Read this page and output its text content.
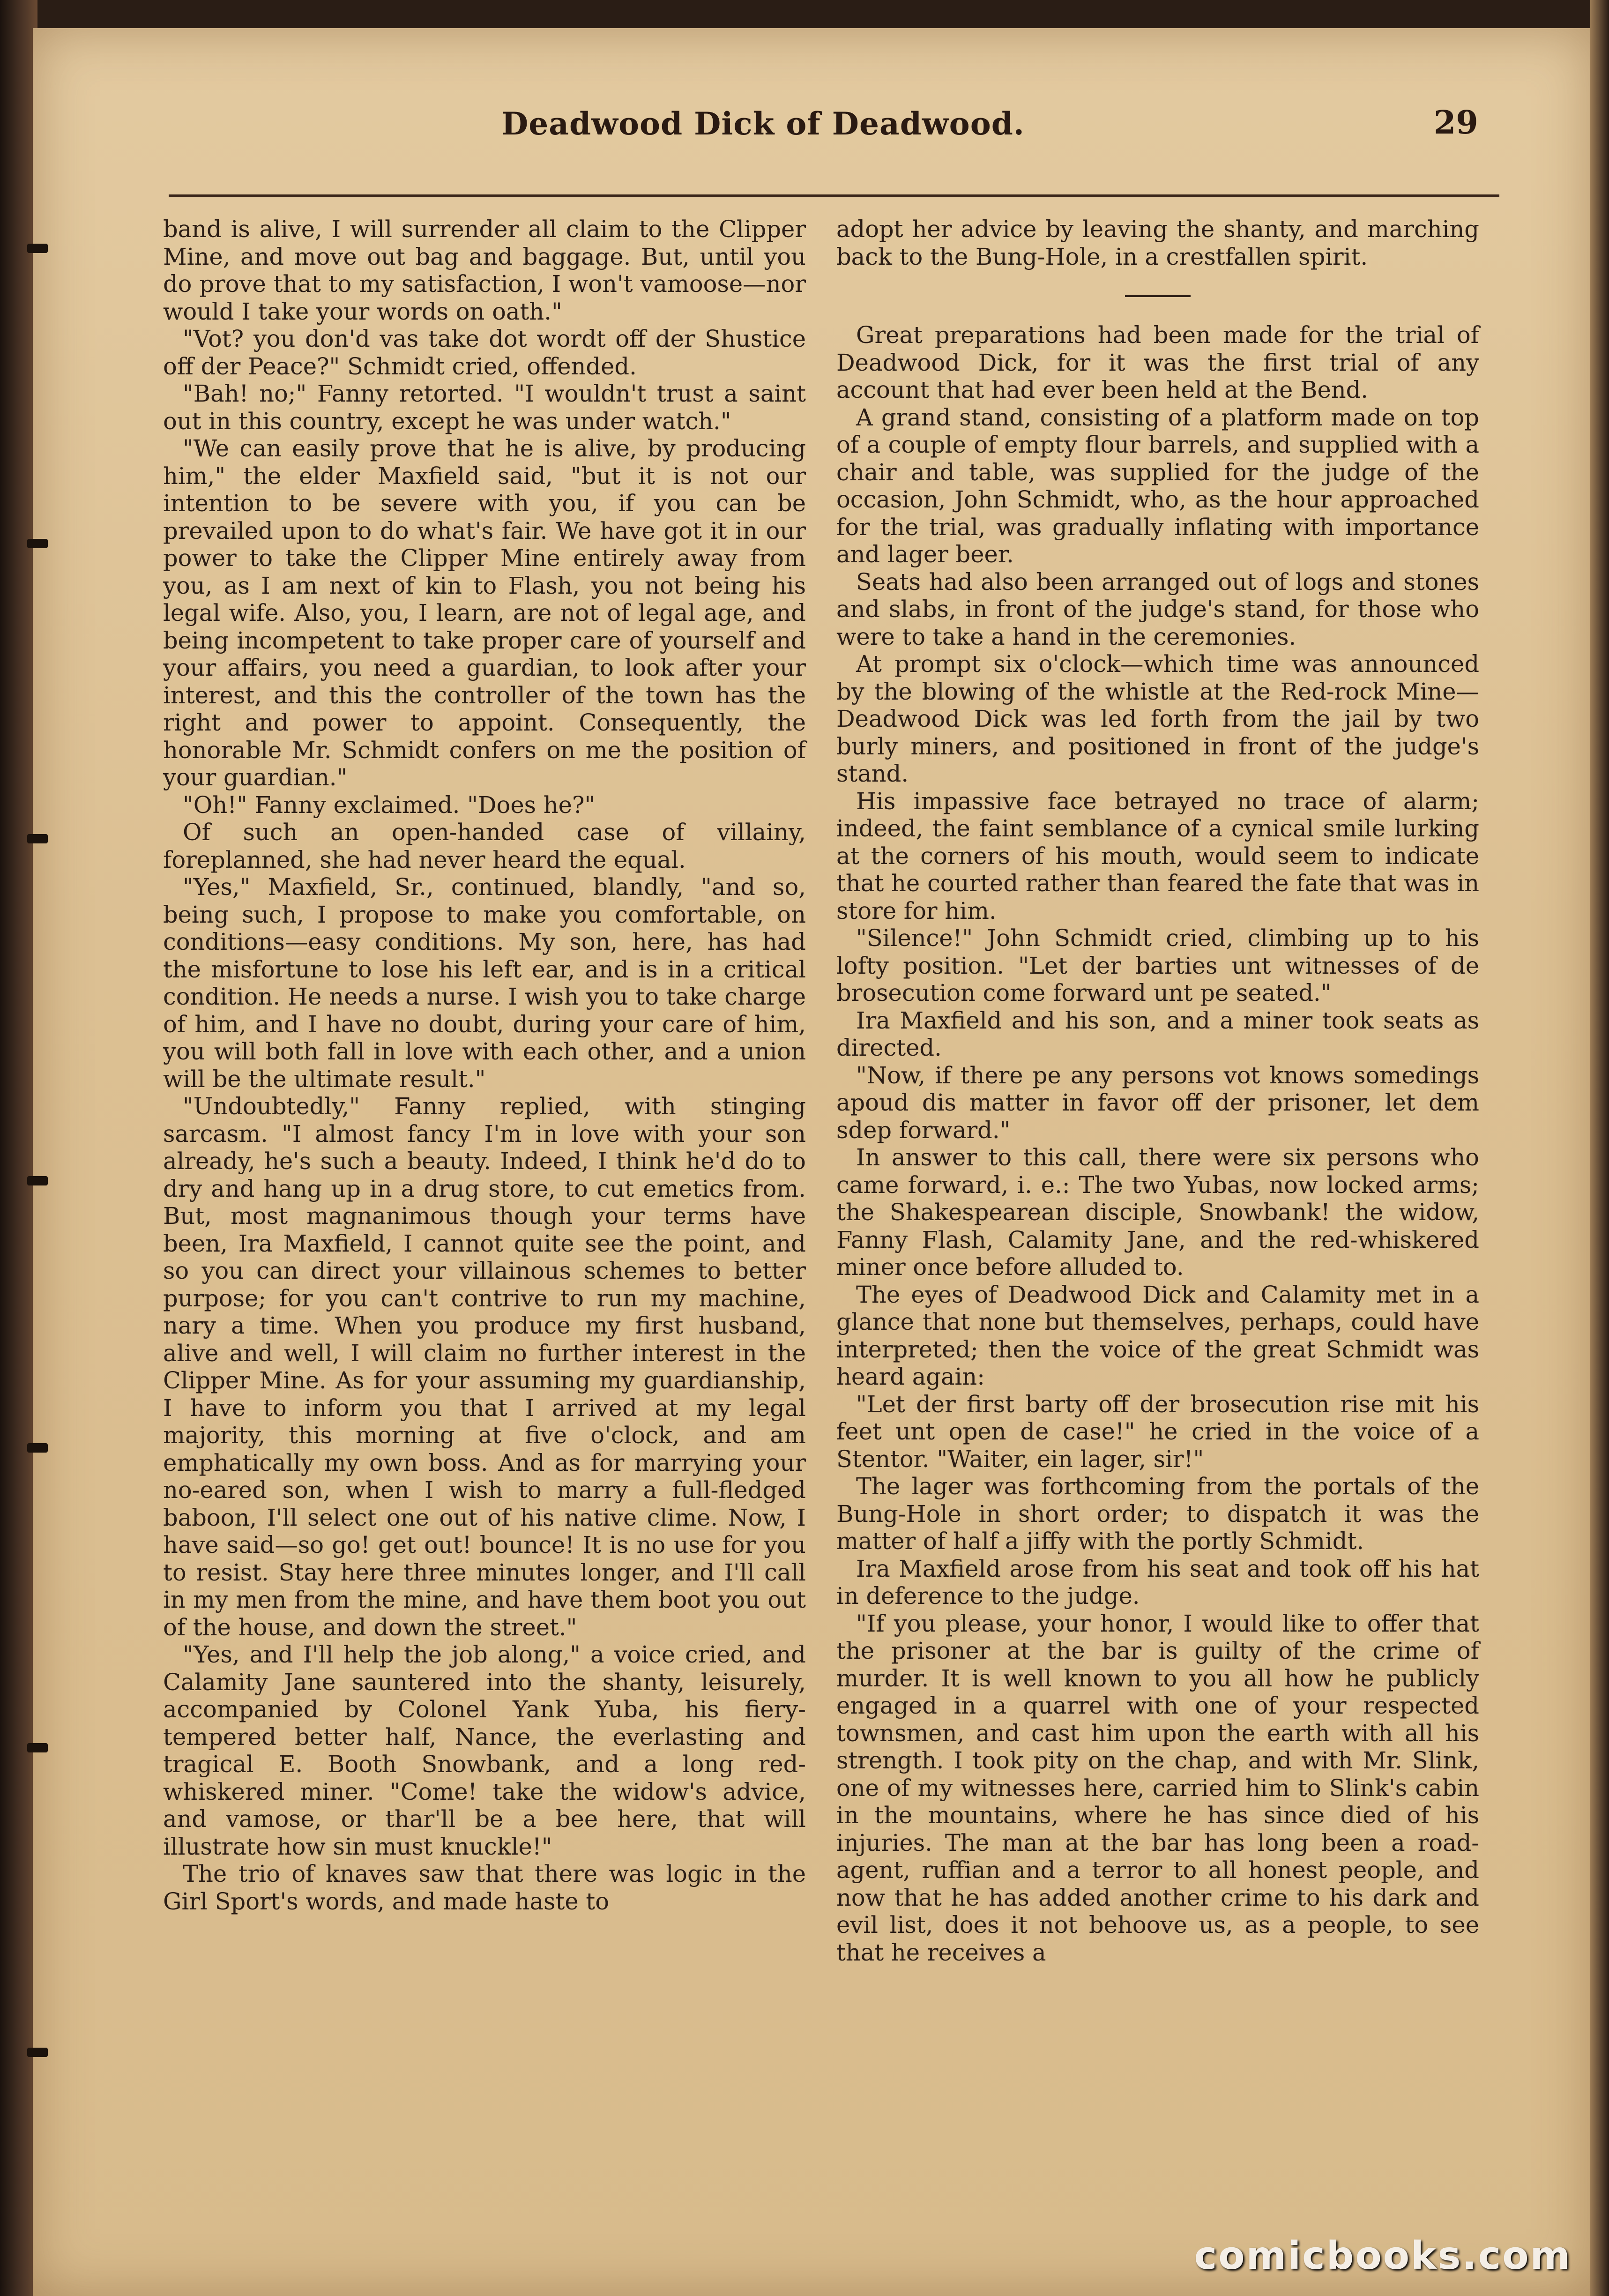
Deadwood Dick of Deadwood.	29

band is alive, I will surrender all claim to the Clipper Mine, and move out bag and baggage. But, until you do prove that to my satisfaction, I won't vamoose—nor would I take your words on oath."

"Vot? you don'd vas take dot wordt off der Shustice off der Peace?" Schmidt cried, offended.

"Bah! no;" Fanny retorted. "I wouldn't trust a saint out in this country, except he was under watch."

"We can easily prove that he is alive, by producing him," the elder Maxfield said, "but it is not our intention to be severe with you, if you can be prevailed upon to do what's fair. We have got it in our power to take the Clipper Mine entirely away from you, as I am next of kin to Flash, you not being his legal wife. Also, you, I learn, are not of legal age, and being incompetent to take proper care of yourself and your affairs, you need a guardian, to look after your interest, and this the controller of the town has the right and power to appoint. Consequently, the honorable Mr. Schmidt confers on me the position of your guardian."

"Oh!" Fanny exclaimed. "Does he?"

Of such an open-handed case of villainy, foreplanned, she had never heard the equal.

"Yes," Maxfield, Sr., continued, blandly, "and so, being such, I propose to make you comfortable, on conditions—easy conditions. My son, here, has had the misfortune to lose his left ear, and is in a critical condition. He needs a nurse. I wish you to take charge of him, and I have no doubt, during your care of him, you will both fall in love with each other, and a union will be the ultimate result."

"Undoubtedly," Fanny replied, with stinging sarcasm. "I almost fancy I'm in love with your son already, he's such a beauty. Indeed, I think he'd do to dry and hang up in a drug store, to cut emetics from. But, most magnanimous though your terms have been, Ira Maxfield, I cannot quite see the point, and so you can direct your villainous schemes to better purpose; for you can't contrive to run my machine, nary a time. When you produce my first husband, alive and well, I will claim no further interest in the Clipper Mine. As for your assuming my guardianship, I have to inform you that I arrived at my legal majority, this morning at five o'clock, and am emphatically my own boss. And as for marrying your no-eared son, when I wish to marry a full-fledged baboon, I'll select one out of his native clime. Now, I have said—so go! get out! bounce! It is no use for you to resist. Stay here three minutes longer, and I'll call in my men from the mine, and have them boot you out of the house, and down the street."

"Yes, and I'll help the job along," a voice cried, and Calamity Jane sauntered into the shanty, leisurely, accompanied by Colonel Yank Yuba, his fiery-tempered better half, Nance, the everlasting and tragical E. Booth Snowbank, and a long red-whiskered miner. "Come! take the widow's advice, and vamose, or thar'll be a bee here, that will illustrate how sin must knuckle!"

The trio of knaves saw that there was logic in the Girl Sport's words, and made haste to

adopt her advice by leaving the shanty, and marching back to the Bung-Hole, in a crestfallen spirit.

Great preparations had been made for the trial of Deadwood Dick, for it was the first trial of any account that had ever been held at the Bend.

A grand stand, consisting of a platform made on top of a couple of empty flour barrels, and supplied with a chair and table, was supplied for the judge of the occasion, John Schmidt, who, as the hour approached for the trial, was gradually inflating with importance and lager beer.

Seats had also been arranged out of logs and stones and slabs, in front of the judge's stand, for those who were to take a hand in the ceremonies.

At prompt six o'clock—which time was announced by the blowing of the whistle at the Red-rock Mine—Deadwood Dick was led forth from the jail by two burly miners, and positioned in front of the judge's stand.

His impassive face betrayed no trace of alarm; indeed, the faint semblance of a cynical smile lurking at the corners of his mouth, would seem to indicate that he courted rather than feared the fate that was in store for him.

"Silence!" John Schmidt cried, climbing up to his lofty position. "Let der barties unt witnesses of de brosecution come forward unt pe seated."

Ira Maxfield and his son, and a miner took seats as directed.

"Now, if there pe any persons vot knows somedings apoud dis matter in favor off der prisoner, let dem sdep forward."

In answer to this call, there were six persons who came forward, i. e.: The two Yubas, now locked arms; the Shakespearean disciple, Snowbank! the widow, Fanny Flash, Calamity Jane, and the red-whiskered miner once before alluded to.

The eyes of Deadwood Dick and Calamity met in a glance that none but themselves, perhaps, could have interpreted; then the voice of the great Schmidt was heard again:

"Let der first barty off der brosecution rise mit his feet unt open de case!" he cried in the voice of a Stentor. "Waiter, ein lager, sir!"

The lager was forthcoming from the portals of the Bung-Hole in short order; to dispatch it was the matter of half a jiffy with the portly Schmidt.

Ira Maxfield arose from his seat and took off his hat in deference to the judge.

"If you please, your honor, I would like to offer that the prisoner at the bar is guilty of the crime of murder. It is well known to you all how he publicly engaged in a quarrel with one of your respected townsmen, and cast him upon the earth with all his strength. I took pity on the chap, and with Mr. Slink, one of my witnesses here, carried him to Slink's cabin in the mountains, where he has since died of his injuries. The man at the bar has long been a road-agent, ruffian and a terror to all honest people, and now that he has added another crime to his dark and evil list, does it not behoove us, as a people, to see that he receives a

comicbooks.com
